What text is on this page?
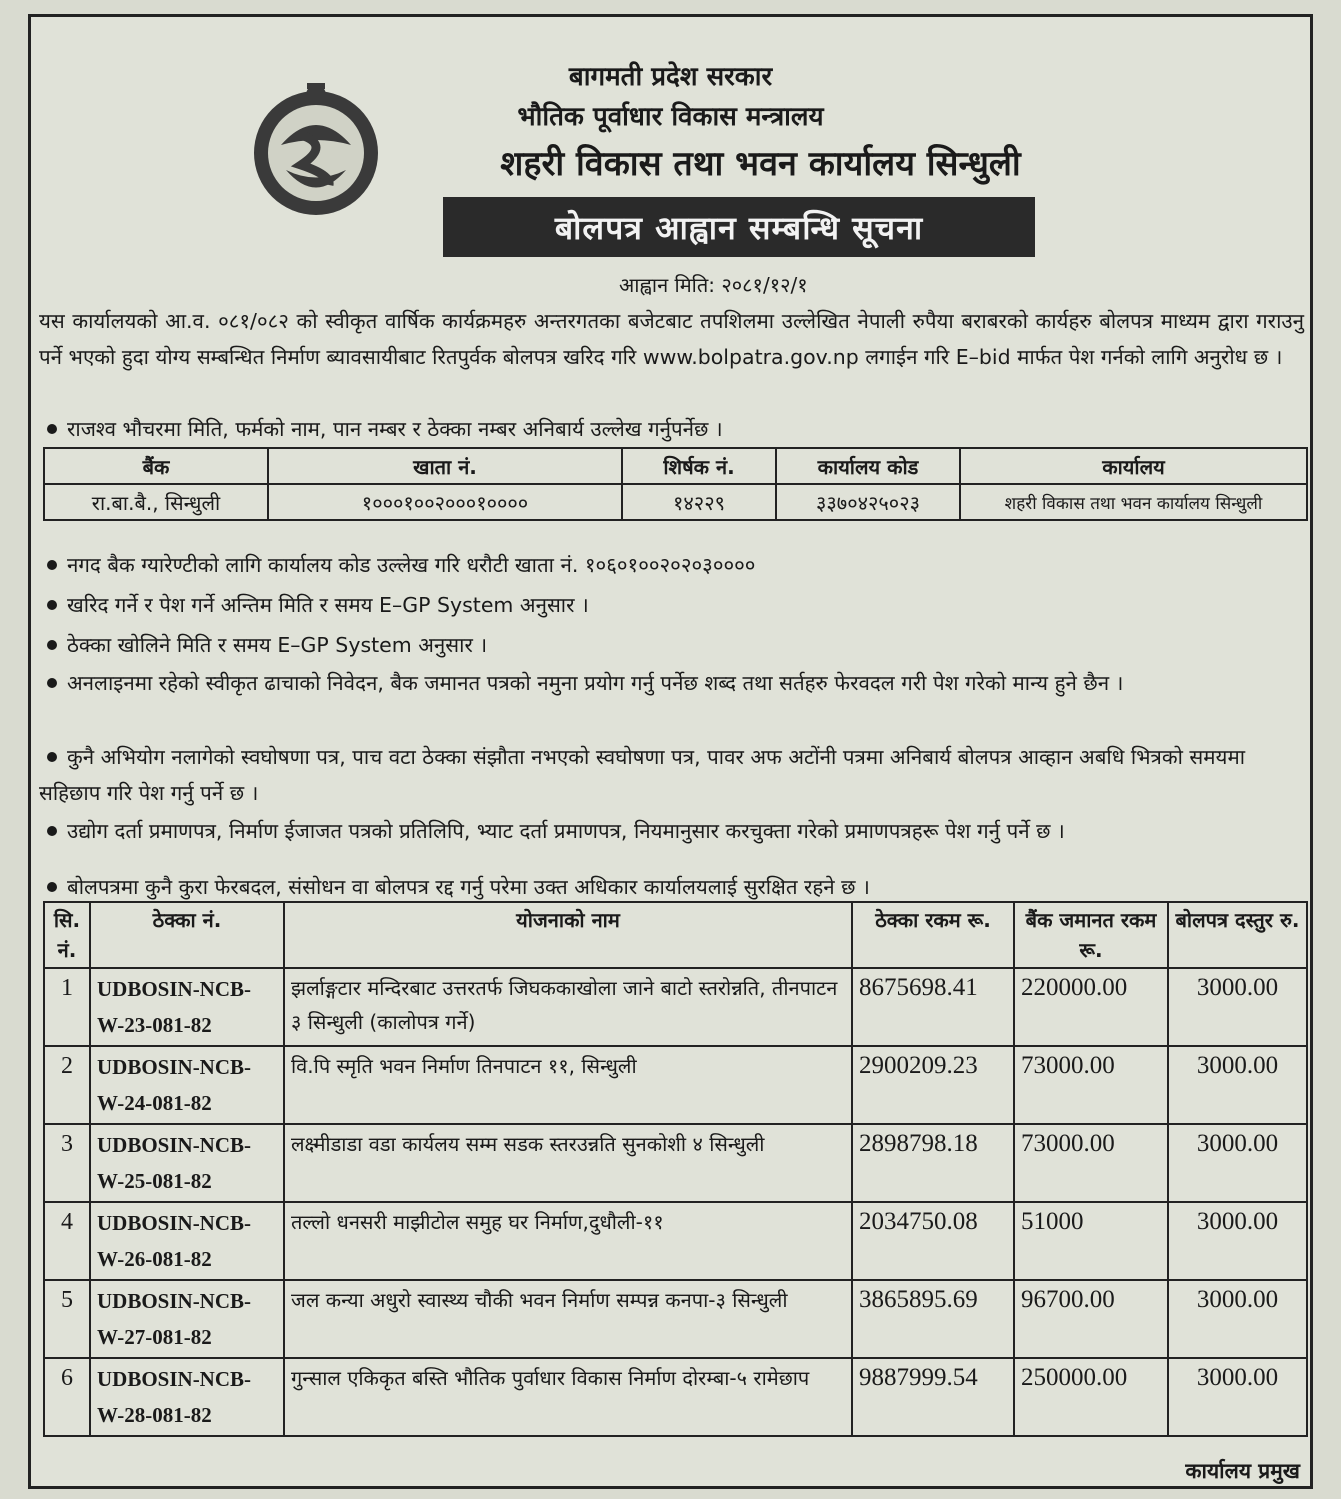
बागमती प्रदेश सरकार
भौतिक पूर्वाधार विकास मन्त्रालय
शहरी विकास तथा भवन कार्यालय सिन्धुली
बोलपत्र आह्वान सम्बन्धि सूचना
आह्वान मिति: २०८१/१२/१
यस कार्यालयको आ.व. ०८१/०८२ को स्वीकृत वार्षिक कार्यक्रमहरु अन्तरगतका बजेटबाट तपशिलमा उल्लेखित नेपाली रुपैया बराबरको कार्यहरु बोलपत्र माध्यम द्वारा गराउनु पर्ने भएको हुदा योग्य सम्बन्धित निर्माण ब्यावसायीबाट रितपुर्वक बोलपत्र खरिद गरि www.bolpatra.gov.np लगाईन गरि E–bid मार्फत पेश गर्नको लागि अनुरोध छ ।
राजश्व भौचरमा मिति, फर्मको नाम, पान नम्बर र ठेक्का नम्बर अनिबार्य उल्लेख गर्नुपर्नेछ ।
बैंक	खाता नं.	शिर्षक नं.	कार्यालय कोड	कार्यालय
रा.बा.बै., सिन्धुली	१०००१००२०००१००००	१४२२९	३३७०४२५०२३	शहरी विकास तथा भवन कार्यालय सिन्धुली
नगद बैक ग्यारेण्टीको लागि कार्यालय कोड उल्लेख गरि धरौटी खाता नं. १०६०१००२०२०३००००
खरिद गर्ने र पेश गर्ने अन्तिम मिति र समय E–GP System अनुसार ।
ठेक्का खोलिने मिति र समय E–GP System अनुसार ।
अनलाइनमा रहेको स्वीकृत ढाचाको निवेदन, बैक जमानत पत्रको नमुना प्रयोग गर्नु पर्नेछ शब्द तथा सर्तहरु फेरवदल गरी पेश गरेको मान्य हुने छैन ।
कुनै अभियोग नलागेको स्वघोषणा पत्र, पाच वटा ठेक्का संझौता नभएको स्वघोषणा पत्र, पावर अफ अटोंनी पत्रमा अनिबार्य बोलपत्र आव्हान अबधि भित्रको समयमा सहिछाप गरि पेश गर्नु पर्ने छ ।
उद्योग दर्ता प्रमाणपत्र, निर्माण ईजाजत पत्रको प्रतिलिपि, भ्याट दर्ता प्रमाणपत्र, नियमानुसार करचुक्ता गरेको प्रमाणपत्रहरू पेश गर्नु पर्ने छ ।
बोलपत्रमा कुनै कुरा फेरबदल, संसोधन वा बोलपत्र रद्द गर्नु परेमा उक्त अधिकार कार्यालयलाई सुरक्षित रहने छ ।
सि. नं.	ठेक्का नं.	योजनाको नाम	ठेक्का रकम रू.	बैंक जमानत रकम रू.	बोलपत्र दस्तुर रु.
1	UDBOSIN-NCB-W-23-081-82	झर्लाङ्गटार मन्दिरबाट उत्तरतर्फ जिघककाखोला जाने बाटो स्तरोन्नति, तीनपाटन ३ सिन्धुली (कालोपत्र गर्ने)	8675698.41	220000.00	3000.00
2	UDBOSIN-NCB-W-24-081-82	वि.पि स्मृति भवन निर्माण तिनपाटन ११, सिन्धुली	2900209.23	73000.00	3000.00
3	UDBOSIN-NCB-W-25-081-82	लक्ष्मीडाडा वडा कार्यलय सम्म सडक स्तरउन्नति सुनकोशी ४ सिन्धुली	2898798.18	73000.00	3000.00
4	UDBOSIN-NCB-W-26-081-82	तल्लो धनसरी माझीटोल समुह घर निर्माण,दुधौली-११	2034750.08	51000	3000.00
5	UDBOSIN-NCB-W-27-081-82	जल कन्या अधुरो स्वास्थ्य चौकी भवन निर्माण सम्पन्न कनपा-३ सिन्धुली	3865895.69	96700.00	3000.00
6	UDBOSIN-NCB-W-28-081-82	गुन्साल एकिकृत बस्ति भौतिक पुर्वाधार विकास निर्माण दोरम्बा-५ रामेछाप	9887999.54	250000.00	3000.00
कार्यालय प्रमुख
